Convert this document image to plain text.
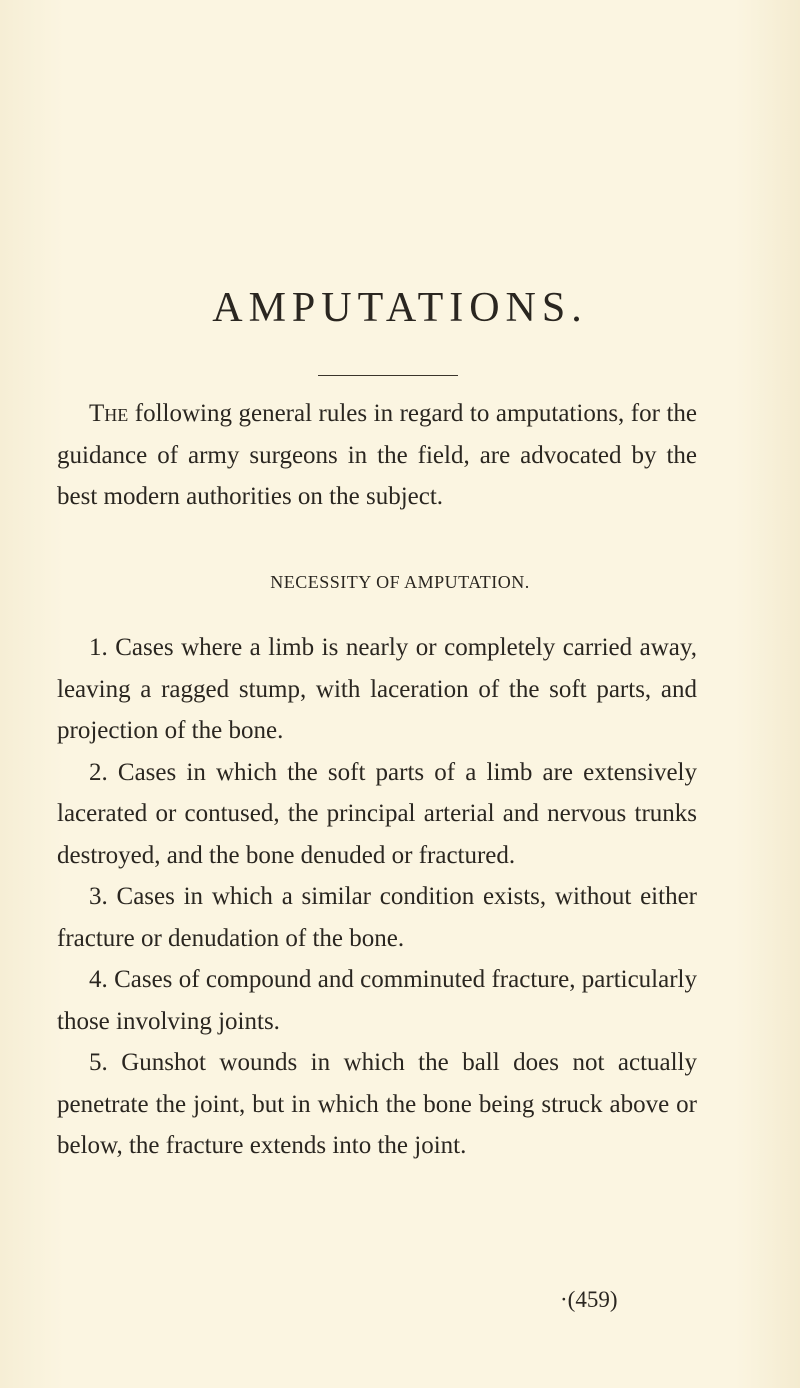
AMPUTATIONS.

The following general rules in regard to amputations, for the guidance of army surgeons in the field, are advocated by the best modern authorities on the subject.

NECESSITY OF AMPUTATION.

1. Cases where a limb is nearly or completely carried away, leaving a ragged stump, with laceration of the soft parts, and projection of the bone.

2. Cases in which the soft parts of a limb are extensively lacerated or contused, the principal arterial and nervous trunks destroyed, and the bone denuded or fractured.

3. Cases in which a similar condition exists, without either fracture or denudation of the bone.

4. Cases of compound and comminuted fracture, particularly those involving joints.

5. Gunshot wounds in which the ball does not actually penetrate the joint, but in which the bone being struck above or below, the fracture extends into the joint.

·(459)
